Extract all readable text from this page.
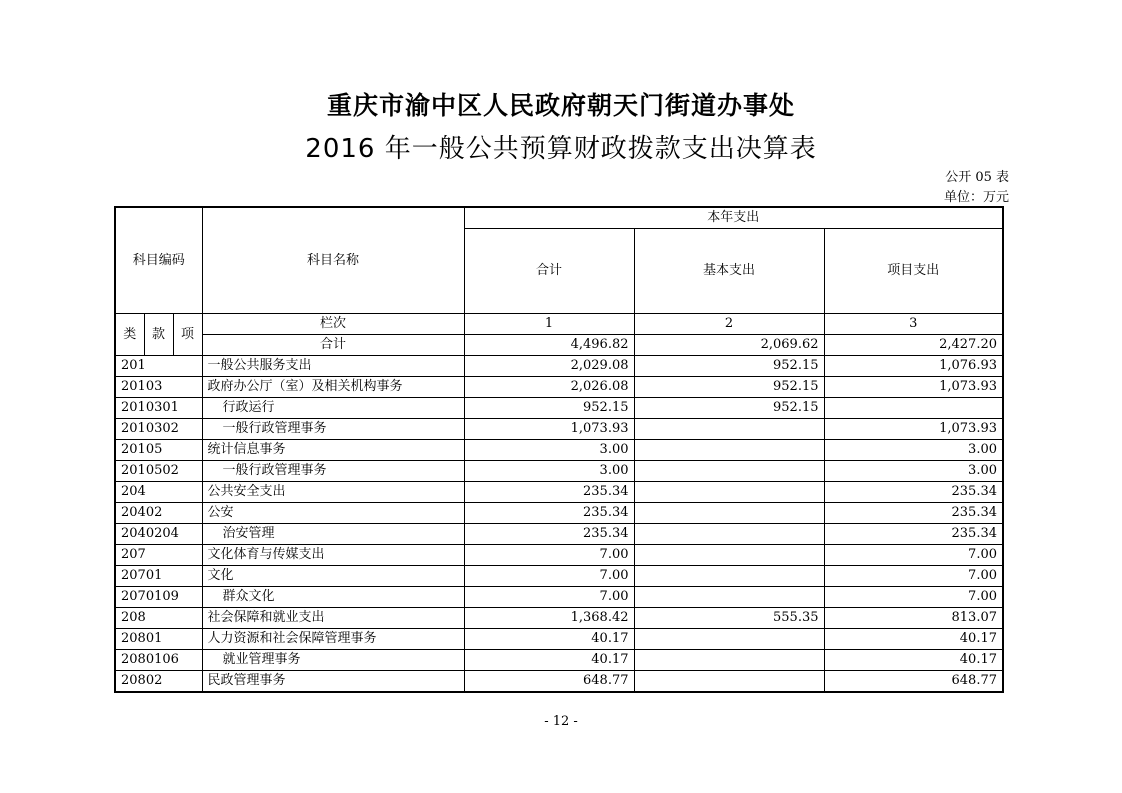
重庆市渝中区人民政府朝天门街道办事处
2016 年一般公共预算财政拨款支出决算表
公开 05 表
单位：万元
科目编码			科目名称	本年支出		
				合计	基本支出	项目支出
类	款	项	栏次	1	2	3
			合计	4,496.82	2,069.62	2,427.20
201			一般公共服务支出	2,029.08	952.15	1,076.93
20103			政府办公厅（室）及相关机构事务	2,026.08	952.15	1,073.93
2010301			行政运行	952.15	952.15	
2010302			一般行政管理事务	1,073.93		1,073.93
20105			统计信息事务	3.00		3.00
2010502			一般行政管理事务	3.00		3.00
204			公共安全支出	235.34		235.34
20402			公安	235.34		235.34
2040204			治安管理	235.34		235.34
207			文化体育与传媒支出	7.00		7.00
20701			文化	7.00		7.00
2070109			群众文化	7.00		7.00
208			社会保障和就业支出	1,368.42	555.35	813.07
20801			人力资源和社会保障管理事务	40.17		40.17
2080106			就业管理事务	40.17		40.17
20802			民政管理事务	648.77		648.77
- 12 -
